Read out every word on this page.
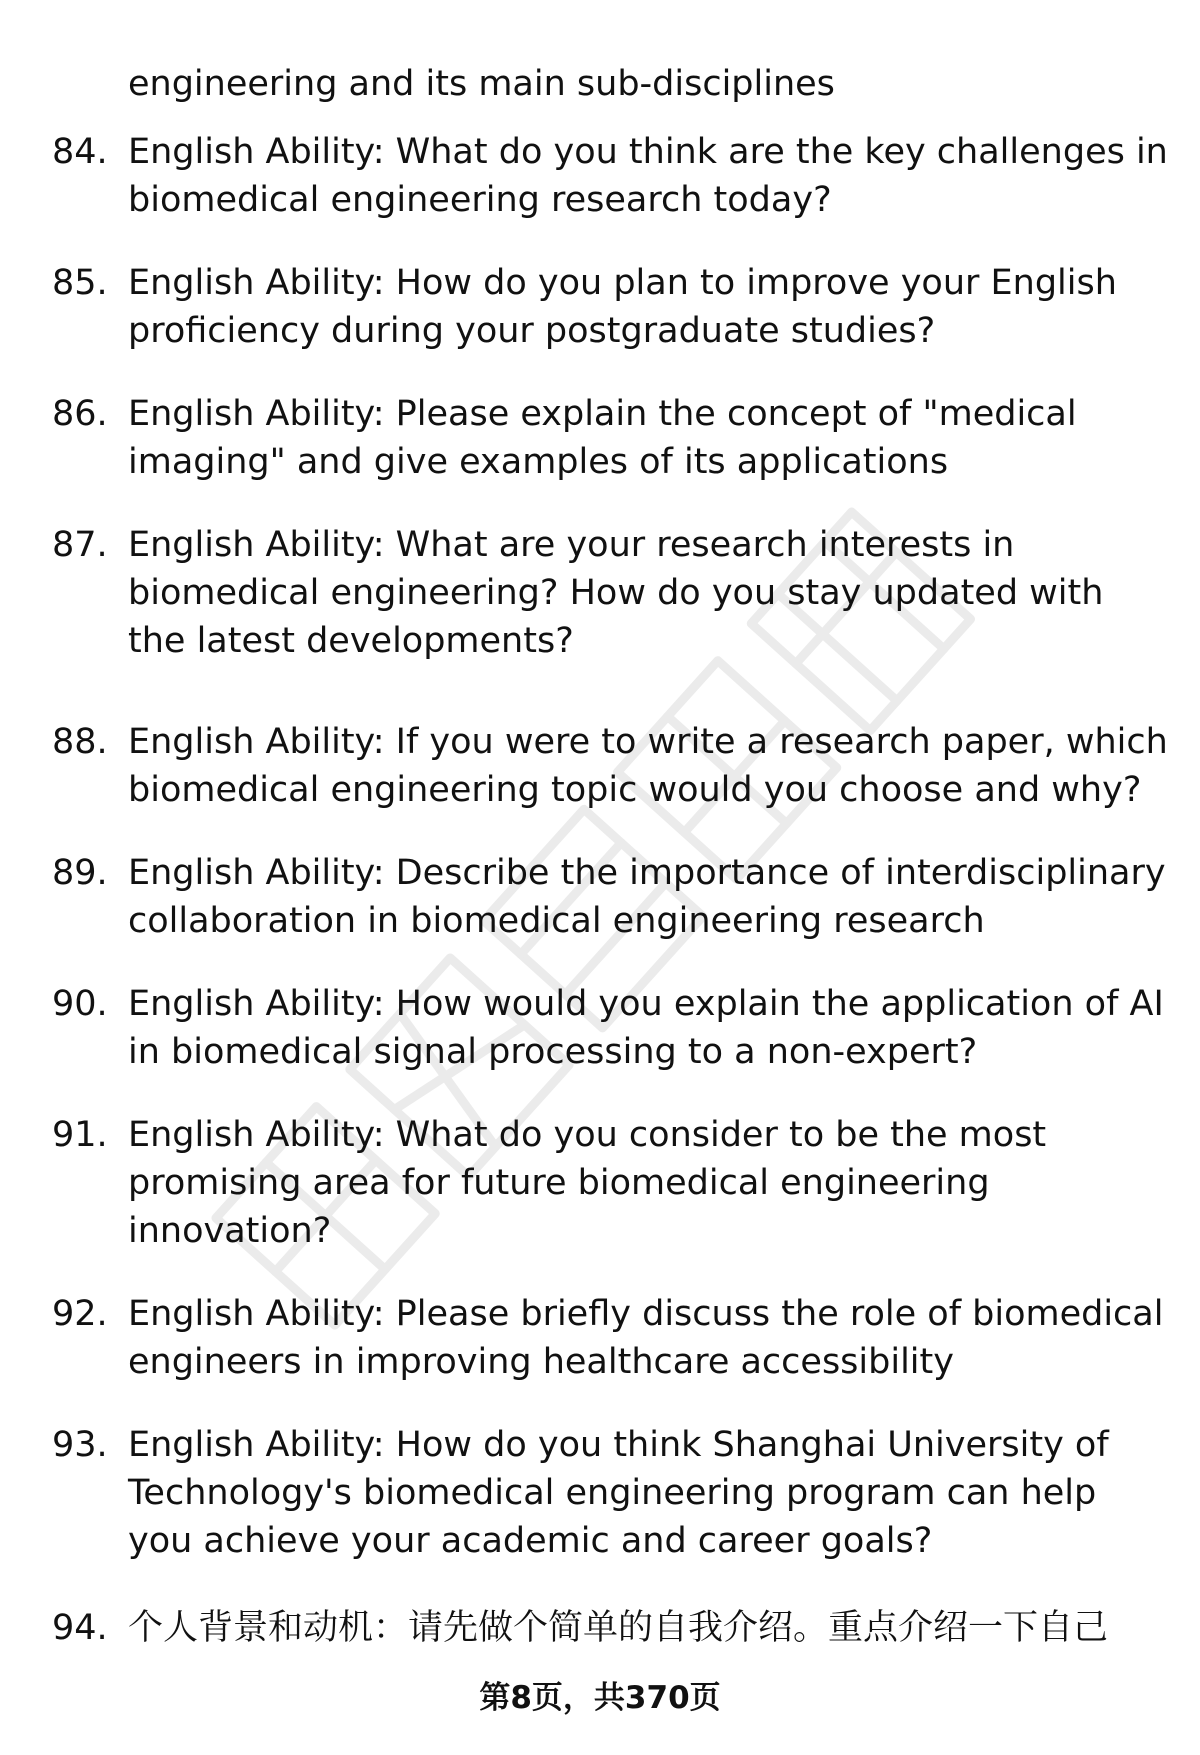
engineering and its main sub-disciplines
84. English Ability: What do you think are the key challenges in
biomedical engineering research today?
85. English Ability: How do you plan to improve your English
proficiency during your postgraduate studies?
86. English Ability: Please explain the concept of "medical
imaging" and give examples of its applications
87. English Ability: What are your research interests in
biomedical engineering? How do you stay updated with
the latest developments?
88. English Ability: If you were to write a research paper, which
biomedical engineering topic would you choose and why?
89. English Ability: Describe the importance of interdisciplinary
collaboration in biomedical engineering research
90. English Ability: How would you explain the application of AI
in biomedical signal processing to a non-expert?
91. English Ability: What do you consider to be the most
promising area for future biomedical engineering
innovation?
92. English Ability: Please briefly discuss the role of biomedical
engineers in improving healthcare accessibility
93. English Ability: How do you think Shanghai University of
Technology's biomedical engineering program can help
you achieve your academic and career goals?
94. 个人背景和动机：请先做个简单的自我介绍。重点介绍一下自己
第8页，共370页
